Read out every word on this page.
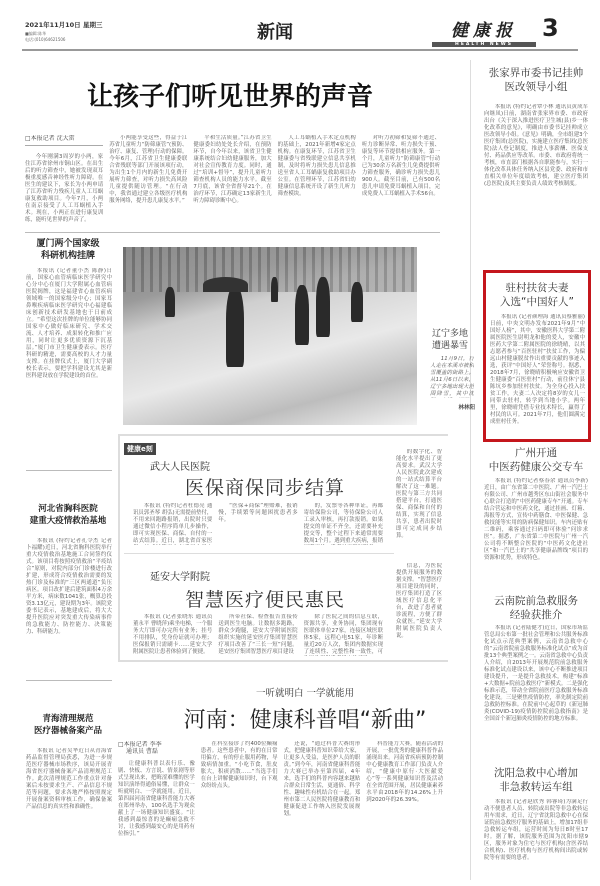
2021年11月10日 星期三
■编辑:陈华
电话:(010)64621506	新闻	健康报
HEALTH NEWS
3
让孩子们听见世界的声音
□本报记者 沈大雷

今年刚满3周岁的小两，家住江苏省徐州市铜山区。在出生后的听力筛查中，她被发现双耳极重度感音神经性听力障碍。在医生的建议下，家长为小两申请了江苏省听力残疾儿童人工耳蜗康复救助项目。今年7月，小两在南京接受了人工耳蜗植入手术。现在，小两正在进行康复训练，能听见世界的声音了。

小两能享受这些，得益于江苏省儿童听力“防筛康管”(预防、治疗、康复、管理)行动的保障。今年6月，江苏省卫生健康委联合省残联等部门开展该项行动，为出生1个月内的新生儿免费开展听力筛查，对听力损失高风险儿童提供随访管理。“在行动中，我省通过建立各级医疗机构服务网络，提升患儿康复水平。”

平和生活质量。”江苏省卫生健康委妇幼处处长介绍，在预防环节，自今年以来，该省卫生健康系统结合妇幼健康服务，加大对社会宣传教育力度。同时，通过“培训+督导”，提升儿童听力筛查机构人员的能力水平。截至7月底，该省全省督导21个。在治疗环节，江苏确定13家新生儿听力障碍诊断中心。

人工耳蜗植入手术定点机构的基础上，2021年新增4家定点机构。在康复环节，江苏省卫生健康委与省残联建立信息共享机制，及时将听力损失患儿信息推送至省人工耳蜗康复救助项目办公室。在管理环节，江苏省妇幼健康信息系统开设了新生儿听力筛查模块。

对听力初筛和复筛不通过、听力诊断异常、听力损失干预、康复等环节提供相应服务。第一个月，儿童听力“防筛康管”行动已为30余万名新生儿免费提供听力筛查服务，确诊听力损失患儿900人。截至目前，已有500名患儿申请免费耳蜗植入项目，完成免费人工耳蜗植入手术56台。

张家界市委书记挂帅
医改领导小组

本报讯 (特约记者覃小林 通讯员黄成军 向继凤)日前，湖南省张家界市委、市政府出台《关于深入推进医疗卫生城(县)乡一体化改革的意见》，明确由市委书记挂帅成立医改领导小组。《意见》明确，全市组建3个医疗集团(总医院)，实施建立医疗集团(总医院)法人登记制度，推进人事薪酬、医保支付、药品供应等改革。市委、市政府将统一考核，市直部门根据各自职能参与，实行一体化改革具体任务纳入区县党委、政府和市直相关单位年度绩效考核，建立医疗集团(总医院)及其主要负责人绩效考核制度。

厦门两个国家级
科研机构挂牌

本报讯 (记者董小杰 陈静)日前，国家心血管病临床医学研究中心分中心在厦门大学附属心血管病医院揭牌，这是福建省心血管疾病领域唯一的国家级分中心；国家耳鼻喉疾病临床医学研究中心福建临床创新技术研发基地也于日前成立。“希望这次挂牌的单位能够协同国家中心做好临床研究、学术交流、人才培养、成果转化和推广应用，同时让更多优质资源下沉基层。”厦门市卫生健康委表示。医疗科研的精进，需要高校的人才力量支撑。在挂牌仪式上，厦门大学副校长表示，要把学科建设尤其是新医科建设放在学院建设的首位。

辽宁多地
遭遇暴雪

11月9日，行人走在本溪市被积雪覆盖的街路上。从11月6日以来，辽宁多地出现大范围降雪，其中沈

林林阳
河北省胸科医院
建重大疫情救治基地

本报讯 (特约记者孔令杰 记者卜福耀)近日，河北省胸科医院举行重大疫情救治基地施工合同签约仪式。该项目将按照疫情救治“平疫结合”原则，对院内部分门诊楼进行改扩建，形成符合疫情救治需要的发热门诊及标准的“三区两通道”负压病区。项目改扩建后建筑面积4万余平方米，病床数1041张，概算总投资3.13亿元，建设期为3年。该院党委书记表示，基地建成后，将大大提升医院应对突发重大传染病事件的急救能力、防控能力、决策能力、科研能力。

健康e刻
武大人民医院
医保商保同步结算

本报讯 (特约记者杜德亮 通讯员郭圣琴 胡弘)无需提前垫付，不用来回跑路报销，出院时只要通过微信小程序简单几步操作，即可实现医保、商保、自付的一站式结算。近日，湖北省首家医

“医保+商保”理赔难，报销慢，手续繁等问题困扰患者多年。

的，发票等各种单证，再邮寄给保险公司，等待保险公司人工录入审核，再打款报销。如果提交的单证不齐全，还需要补充提交等，整个过程下来通常需要数周1个月。遇到重大疾病，报销

的数字化、智能化水平提出了更高要求。武汉大学人民医院此次建成的一站式结算平台解决了这一难题。医院与第三方共同搭建平台，打通医保、商保和自付的结算，实现了信息共享，患者出院时即可完成同步结算。

延安大学附院
智慧医疗便民惠民

本报讯 (记者张晓东 通讯员董永平 曹晓萍)乘坐电梯，一个服务大厅即可办完所有业务；挂号不用排队，凭身份证就可办理；医保报销只需刷卡……延安大学附属医院让患者体验到了便捷。

所带社保、检查报告直接传送到医生电脑。让数据多跑路，群众少跑腿，延安大学附属医院组织实施的延安医疗集团智慧医疗项目改善了“三长一短”问题。延安医疗集团智慧医疗项目建设

除了医院之间的信息互联，资源共享，业务协同，集团现有医联体单位27家，连接区域医联体5家，远程心电51家，年诊断量近20万人次，集团内数据实现了连续性、完整性和一致性，可

信息，为医院提供开展服务的数据支撑。“智慧医疗项目建设的同时，医疗集团打造了区域医疗信息化平台，改进了患者就诊流程，方便了群众就医。”延安大学附属医院负责人说。

一听就明白 一学就能用
河南：健康科普唱“新曲”
□本报记者 李季
通讯员 曹磊

让健康科普以表行乐、豫剧、快板、方言说、情景剧等形式呈现出来，把晦涩难懂的医学知识演绎得通俗易懂，让群众一听就明白、一学就能用。近日，第四届河南省健康科普能力大赛在郑州举办，100名选手为观众献上了一场健康知识盛宴。“让我感到最惊喜的是癫痫急救不讨，让我感到最安心的是用药有位指引。”

在科室接诊了约400位癫痫患者。这些患者中，有的在日常用偏方，有的停止服用药物，导致病情加重。“小吃节食，肚皮胀大，积痰消散……”当选手们在台上讲解健康知识时，台下观众纷纷点头。

还说，“通过科普大赛的形式，把健康科普知识带给大家，让更多人受益，是医护人员的职责。”到今年，河南省健康科普能力大赛已举办至第四届，4年来，选手们的科普内容越来越贴合群众日常生活，更通俗、科学性、趣味性有机结合在一起。郑州市第二人民医院将健康教育和健康促进工作纳入医院发展规划。

科普能力大赛，随着活动的开展，一批优秀的健康科普作品涌现出来。河南省疾病预防控制中心健康教育工作部门负责人介绍，“健康中原行·大医献爱心”等一系列健康知识普及活动在全省范围开展，居民健康素养水平由2018年的14.26%上升到2020年的26.39%。

青海清理规范
医疗器械备案产品

本报讯 记者吴华近日从青海省药品监督管理局获悉，为进一步规范医疗器械市场秩序，该局开展青海省医疗器械备案产品清理规范工作。此次清理规范工作重点针对备案后未按要求生产、产品信息不规范等问题，要求各地严格按照规定开展备案资料审核工作，确保备案产品信息的真实性和准确性。

驻村扶贫夫妻
入选“中国好人”

本报讯 (记者颜理海 通讯员蔡雅丽)日前，中央文明办发布2021年9月“中国好人榜”，其中，安徽医科大学第二附属医院医生尉明龙和他的爱人，安徽中医药大学第二附属医院的徐晓晴，以其志愿者参与“百医驻村”扶贫工作，为偏远山村健康脱贫作出重要贡献的事迹入选，获评“中国好人”荣誉称号。据悉，2018年7月，徐晓晴积极响应安徽省卫生健康委“百医驻村”行动，前往休宁县陈坑乡参加驻村扶贫。为全身心投入扶贫工作，夫妻二人决定将8岁的女儿一同带去驻村，转学到当地小学。两年里，徐晓晴凭借专业技术特长，赢得了村民的认可。2021年7月，他们圆满完成驻村任务。

广州开通
中医药健康公交专车

本报讯 (特约记者蔡春余 通讯员李新)近日，由广东省第二中医院、广州一汽巴士有限公司、广州市越秀区东山街社会服务中心联合打造的“中医药健康专车”开通。专车结合营运和中医药文化，通过挂画、灯箱、海报等方式，宣传中药膳食、中医保健、急救技能等实用的防病保健知识。车内还贴有二维码，乘客通过扫码即可体验“问诊求医”。据悉，广东省第二中医院与广州一汽公司将不断整合医院的“中医药文化进社区”和一汽巴士的“共享健康品牌线”项目的资源和优势，形成特色。

云南院前急救服务
经验获推介

本报讯 (记者陆健才)近日，国家市场监管总局公布第一批社会管理和公共服务标准化试点示范典型案例，云南省急救中心的“云南省院前急救服务标准化试点”成为首批13个典型案例之一。云南省急救中心负责人介绍，自2013年开展规范院前急救服务标准化试点建设以来，该中心不断推进项目建设提升，一是提升急救技术，构建“标准+大数据+院前急救医疗”新模式。二是强化标准示范，带动全省院前医疗急救服务标准化建设。三是聚焦疫情防控，率先制定院前急救防控标准。在院前中心起草的《新冠肺炎(COVID-19)疫情防控院前急救指南》是全国首个新冠肺炎疫情防控的地方标准。

沈阳急救中心增加
非急救转运车组

本报讯 (记者赵欣秀 韩睿琦)为满足行动不便患者人员、转院或出院等非急救转运用车需求，近日，辽宁省沈阳急救中心在保证院前急救医疗服务的基础上，增加17组非急救转运车组，运营时间为每日8时至17时。据了解，该院服务范围为沈阳市辖9区，服务对象为住宅与医疗机构(含医养结合机构)、医疗机构与医疗机构间出院或转院等有需要的患者。
